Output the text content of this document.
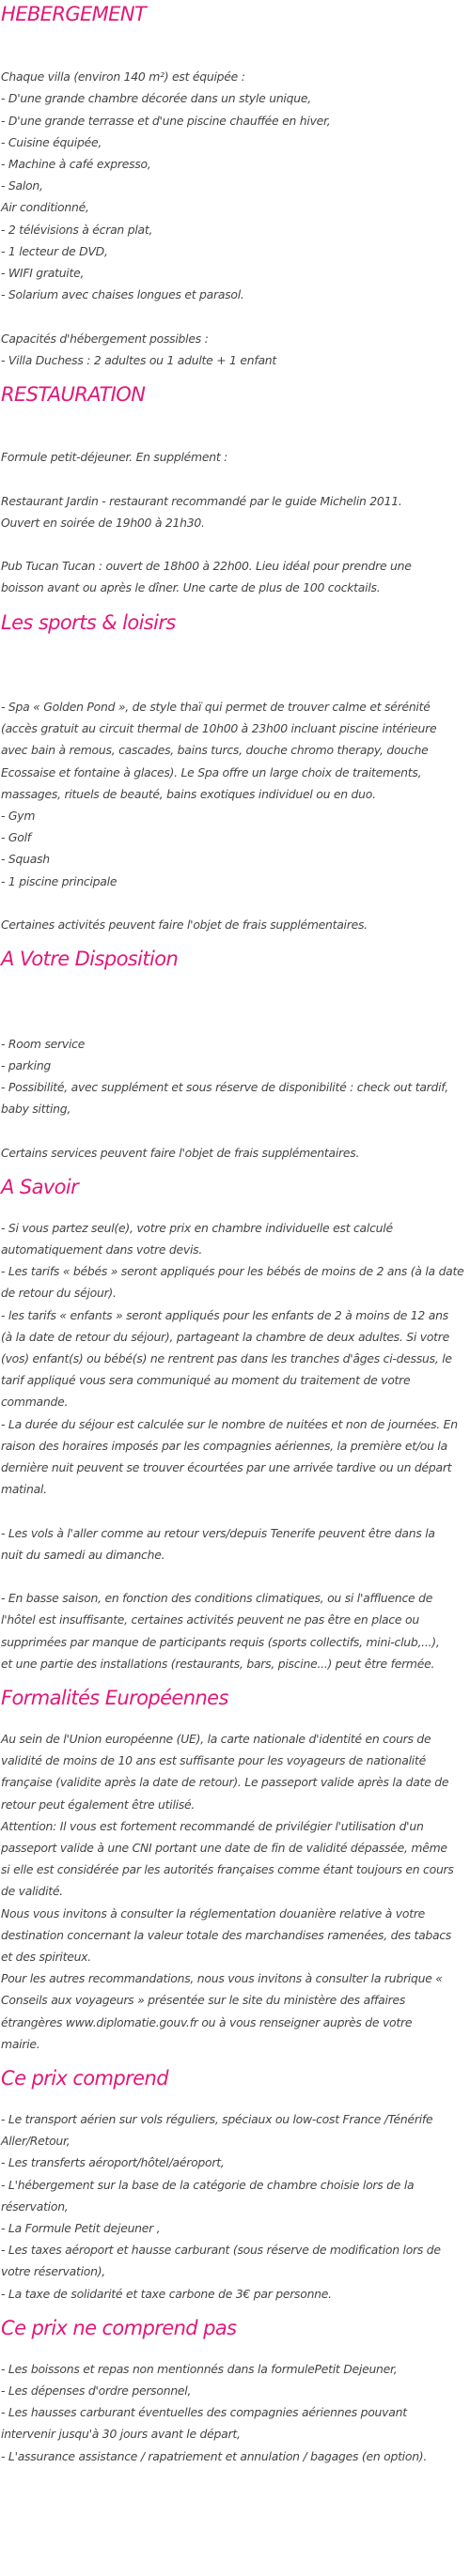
HEBERGEMENT

Chaque villa (environ 140 m²) est équipée :

- D'une grande chambre décorée dans un style unique,

- D'une grande terrasse et d'une piscine chauffée en hiver,

- Cuisine équipée,

- Machine à café expresso,

- Salon,

Air conditionné,

- 2 télévisions à écran plat,

- 1 lecteur de DVD,

- WIFI gratuite,

- Solarium avec chaises longues et parasol.

Capacités d'hébergement possibles :

- Villa Duchess : 2 adultes ou 1 adulte + 1 enfant

RESTAURATION

Formule petit-déjeuner. En supplément :

Restaurant Jardin - restaurant recommandé par le guide Michelin 2011.

Ouvert en soirée de 19h00 à 21h30.

Pub Tucan Tucan : ouvert de 18h00 à 22h00. Lieu idéal pour prendre une

boisson avant ou après le dîner. Une carte de plus de 100 cocktails.

Les sports & loisirs

- Spa « Golden Pond », de style thaï qui permet de trouver calme et sérénité

(accès gratuit au circuit thermal de 10h00 à 23h00 incluant piscine intérieure

avec bain à remous, cascades, bains turcs, douche chromo therapy, douche

Ecossaise et fontaine à glaces). Le Spa offre un large choix de traitements,

massages, rituels de beauté, bains exotiques individuel ou en duo.

- Gym

- Golf

- Squash

- 1 piscine principale

Certaines activités peuvent faire l'objet de frais supplémentaires.

A Votre Disposition

- Room service

- parking

- Possibilité, avec supplément et sous réserve de disponibilité : check out tardif,

baby sitting,

Certains services peuvent faire l'objet de frais supplémentaires.

A Savoir

- Si vous partez seul(e), votre prix en chambre individuelle est calculé

automatiquement dans votre devis.

- Les tarifs « bébés » seront appliqués pour les bébés de moins de 2 ans (à la date

de retour du séjour).

- les tarifs « enfants » seront appliqués pour les enfants de 2 à moins de 12 ans

(à la date de retour du séjour), partageant la chambre de deux adultes. Si votre

(vos) enfant(s) ou bébé(s) ne rentrent pas dans les tranches d'âges ci-dessus, le

tarif appliqué vous sera communiqué au moment du traitement de votre

commande.

- La durée du séjour est calculée sur le nombre de nuitées et non de journées. En

raison des horaires imposés par les compagnies aériennes, la première et/ou la

dernière nuit peuvent se trouver écourtées par une arrivée tardive ou un départ

matinal.

- Les vols à l'aller comme au retour vers/depuis Tenerife peuvent être dans la

nuit du samedi au dimanche.

- En basse saison, en fonction des conditions climatiques, ou si l'affluence de

l'hôtel est insuffisante, certaines activités peuvent ne pas être en place ou

supprimées par manque de participants requis (sports collectifs, mini-club,...),

et une partie des installations (restaurants, bars, piscine...) peut être fermée.

Formalités Européennes

Au sein de l'Union européenne (UE), la carte nationale d'identité en cours de

validité de moins de 10 ans est suffisante pour les voyageurs de nationalité

française (validite après la date de retour). Le passeport valide après la date de

retour peut également être utilisé.

Attention: Il vous est fortement recommandé de privilégier l'utilisation d'un

passeport valide à une CNI portant une date de fin de validité dépassée, même

si elle est considérée par les autorités françaises comme étant toujours en cours

de validité.

Nous vous invitons à consulter la réglementation douanière relative à votre

destination concernant la valeur totale des marchandises ramenées, des tabacs

et des spiriteux.

Pour les autres recommandations, nous vous invitons à consulter la rubrique «

Conseils aux voyageurs » présentée sur le site du ministère des affaires

étrangères www.diplomatie.gouv.fr ou à vous renseigner auprès de votre

mairie.

Ce prix comprend

- Le transport aérien sur vols réguliers, spéciaux ou low-cost France /Ténérife

Aller/Retour,

- Les transferts aéroport/hôtel/aéroport,

- L'hébergement sur la base de la catégorie de chambre choisie lors de la

réservation,

- La Formule Petit dejeuner ,

- Les taxes aéroport et hausse carburant (sous réserve de modification lors de

votre réservation),

- La taxe de solidarité et taxe carbone de 3€ par personne.

Ce prix ne comprend pas

- Les boissons et repas non mentionnés dans la formulePetit Dejeuner,

- Les dépenses d'ordre personnel,

- Les hausses carburant éventuelles des compagnies aériennes pouvant

intervenir jusqu'à 30 jours avant le départ,

- L'assurance assistance / rapatriement et annulation / bagages (en option).
